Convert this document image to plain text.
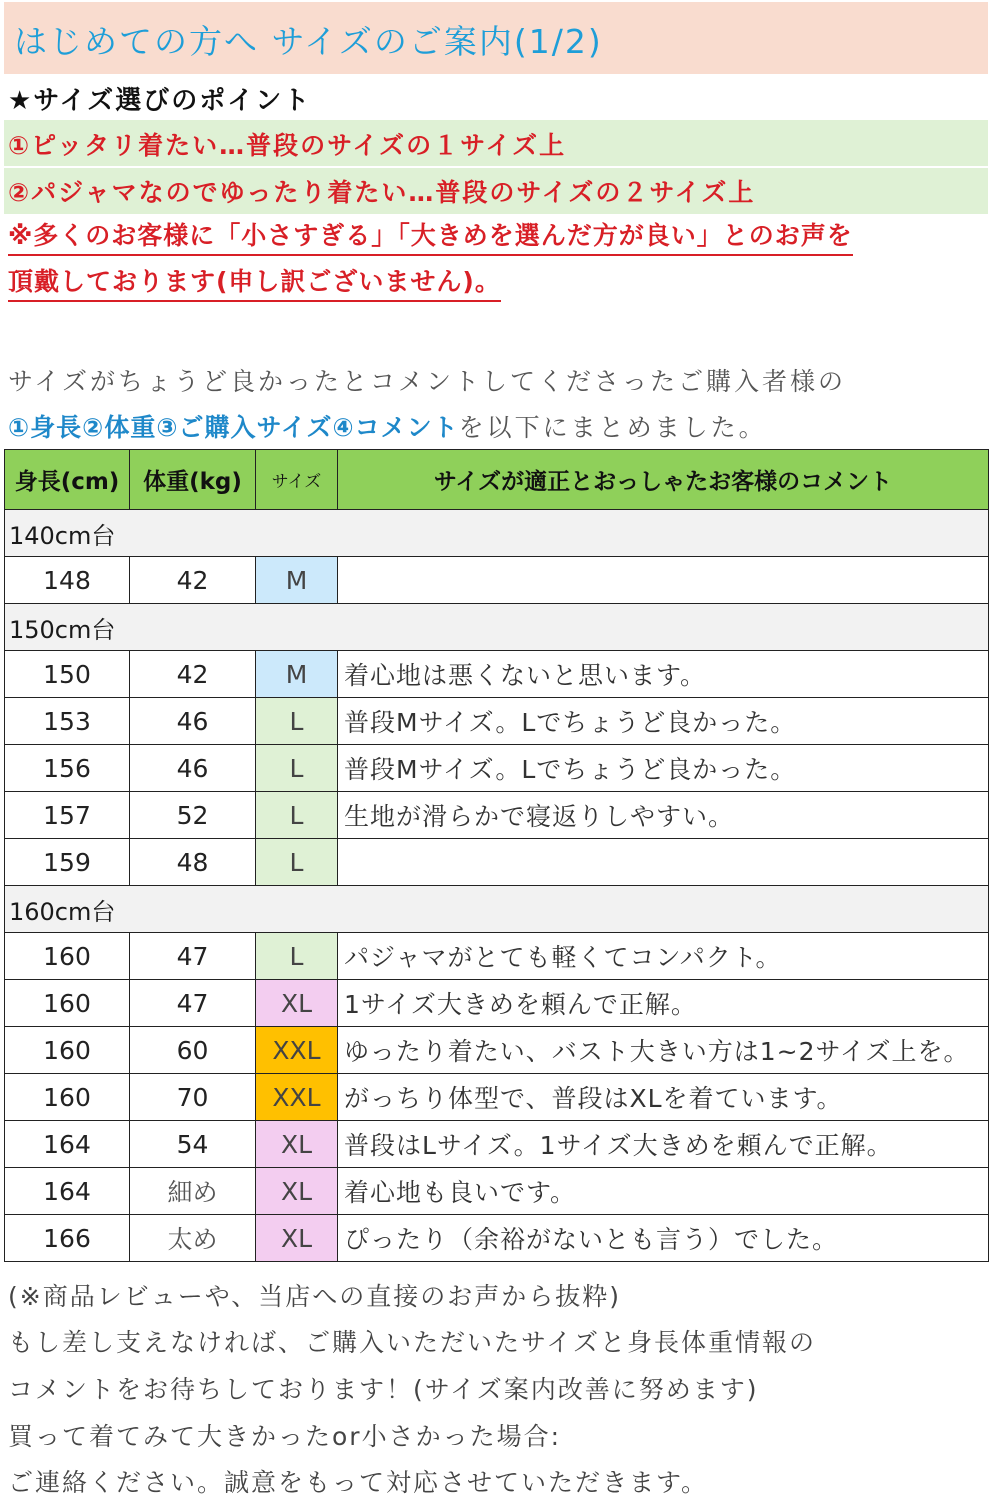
はじめての方へ サイズのご案内(1/2)
★サイズ選びのポイント
①ピッタリ着たい…普段のサイズの１サイズ上
②パジャマなのでゆったり着たい…普段のサイズの２サイズ上
※多くのお客様に「小さすぎる」「大きめを選んだ方が良い」とのお声を
頂戴しております(申し訳ございません)。
サイズがちょうど良かったとコメントしてくださったご購入者様の
①身長②体重③ご購入サイズ④コメントを以下にまとめました。
身長(cm)	体重(kg)	サイズ	サイズが適正とおっしゃたお客様のコメント
140cm台			
148	42	M	
150cm台			
150	42	M	着心地は悪くないと思います。
153	46	L	普段Mサイズ。Lでちょうど良かった。
156	46	L	普段Mサイズ。Lでちょうど良かった。
157	52	L	生地が滑らかで寝返りしやすい。
159	48	L	
160cm台			
160	47	L	パジャマがとても軽くてコンパクト。
160	47	XL	1サイズ大きめを頼んで正解。
160	60	XXL	ゆったり着たい、バスト大きい方は1~2サイズ上を。
160	70	XXL	がっちり体型で、普段はXLを着ています。
164	54	XL	普段はLサイズ。1サイズ大きめを頼んで正解。
164	細め	XL	着心地も良いです。
166	太め	XL	ぴったり（余裕がないとも言う）でした。
(※商品レビューや、当店への直接のお声から抜粋)
もし差し支えなければ、ご購入いただいたサイズと身長体重情報の
コメントをお待ちしております！(サイズ案内改善に努めます)
買って着てみて大きかったor小さかった場合:
ご連絡ください。誠意をもって対応させていただきます。
